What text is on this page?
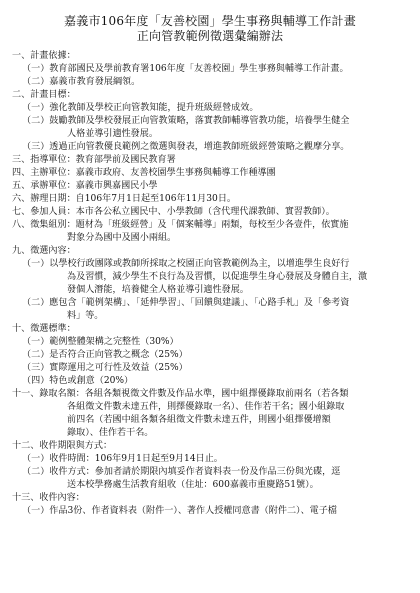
嘉義市106年度「友善校園」學生事務與輔導工作計畫
正向管教範例徵選彙編辦法
一、計畫依據：
（一）教育部國民及學前教育署106年度「友善校園」學生事務與輔導工作計畫。
（二）嘉義市教育發展綱領。
二、計畫目標：
（一）強化教師及學校正向管教知能，提升班級經營成效。
（二）鼓勵教師及學校發展正向管教策略，落實教師輔導管教功能，培養學生健全
人格並導引適性發展。
（三）透過正向管教優良範例之徵選與發表，增進教師班級經營策略之觀摩分享。
三、指導單位：教育部學前及國民教育署
四、主辦單位：嘉義市政府、友善校園學生事務與輔導工作種導團
五、承辦單位：嘉義市興嘉國民小學
六、辦理日期：自106年7月1日起至106年11月30日。
七、參加人員：本市各公私立國民中、小學教師（含代理代課教師、實習教師）。
八、徵集組別：題材為「班級經營」及「個案輔導」兩類，每校至少各壹件，依實施
對象分為國中及國小兩組。
九、徵選內容：
（一）以學校行政團隊或教師所採取之校園正向管教範例為主，以增進學生良好行
為及習慣，減少學生不良行為及習慣，以促進學生身心發展及身體自主，激
發個人潛能，培養健全人格並導引適性發展。
（二）應包含「範例架構」、「延伸學習」、「回饋與建議」、「心路手札」及「參考資
料」等。
十、徵選標準：
（一）範例整體架構之完整性（30%）
（二）是否符合正向管教之概念（25%）
（三）實際運用之可行性及效益（25%）
（四）特色或創意（20%）
十一、錄取名額：各組各類視徵文件數及作品水準，國中組擇優錄取前兩名（若各類
各組徵文件數未達五件，則擇優錄取一名）、佳作若干名；國小組錄取
前四名（若國中組各類各組徵文件數未達五件，則國小組擇優增額
錄取）、佳作若干名。
十二、收件期限與方式：
（一）收件時間：106年9月1日起至9月14日止。
（二）收件方式：參加者請於期限內填妥作者資料表一份及作品三份與光碟，逕
送本校學務處生活教育組收（住址：600嘉義市重慶路51號）。
十三、收件內容：
（一）作品3份、作者資料表（附件一）、著作人授權同意書（附件二）、電子檔
